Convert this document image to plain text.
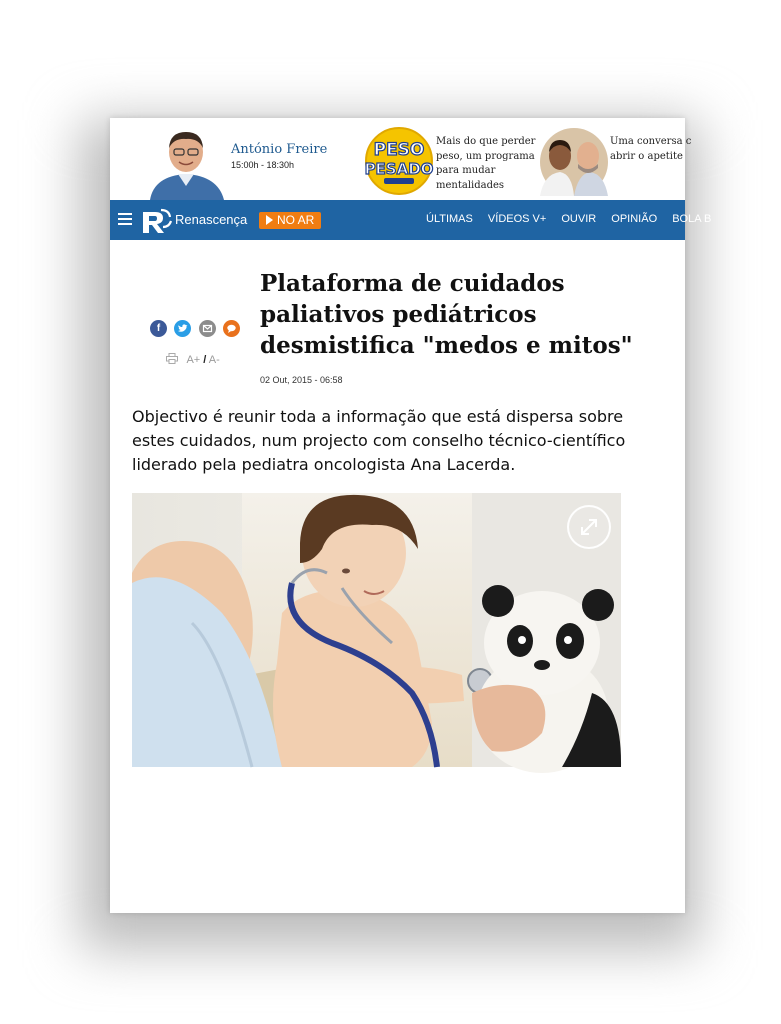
António Freire
15:00h - 18:30h
PESO
PESADO
Mais do que perder peso, um programa para mudar mentalidades
Uma conversa c
abrir o apetite
Renascença	NO AR	ÚLTIMAS VÍDEOS V+ OUVIR OPINIÃO BOLA B
f
A+ / A-
Plataforma de cuidados paliativos pediátricos desmistifica "medos e mitos"
02 Out, 2015 - 06:58

Objectivo é reunir toda a informação que está dispersa sobre estes cuidados, num projecto com conselho técnico-científico liderado pela pediatra oncologista Ana Lacerda.
